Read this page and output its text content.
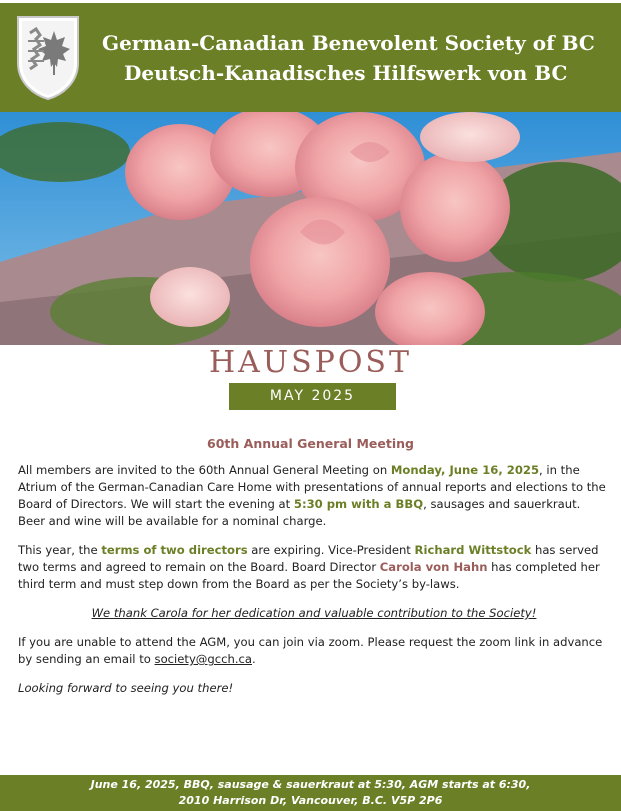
German-Canadian Benevolent Society of BC
Deutsch-Kanadisches Hilfswerk von BC
HAUSPOST
MAY 2025
60th Annual General Meeting

All members are invited to the 60th Annual General Meeting on Monday, June 16, 2025, in the Atrium of the German-Canadian Care Home with presentations of annual reports and elections to the Board of Directors. We will start the evening at 5:30 pm with a BBQ, sausages and sauerkraut. Beer and wine will be available for a nominal charge.

This year, the terms of two directors are expiring. Vice-President Richard Wittstock has served two terms and agreed to remain on the Board. Board Director Carola von Hahn has completed her third term and must step down from the Board as per the Society’s by-laws.

We thank Carola for her dedication and valuable contribution to the Society!

If you are unable to attend the AGM, you can join via zoom. Please request the zoom link in advance by sending an email to society@gcch.ca.

Looking forward to seeing you there!

June 16, 2025, BBQ, sausage & sauerkraut at 5:30, AGM starts at 6:30,
2010 Harrison Dr, Vancouver, B.C. V5P 2P6
